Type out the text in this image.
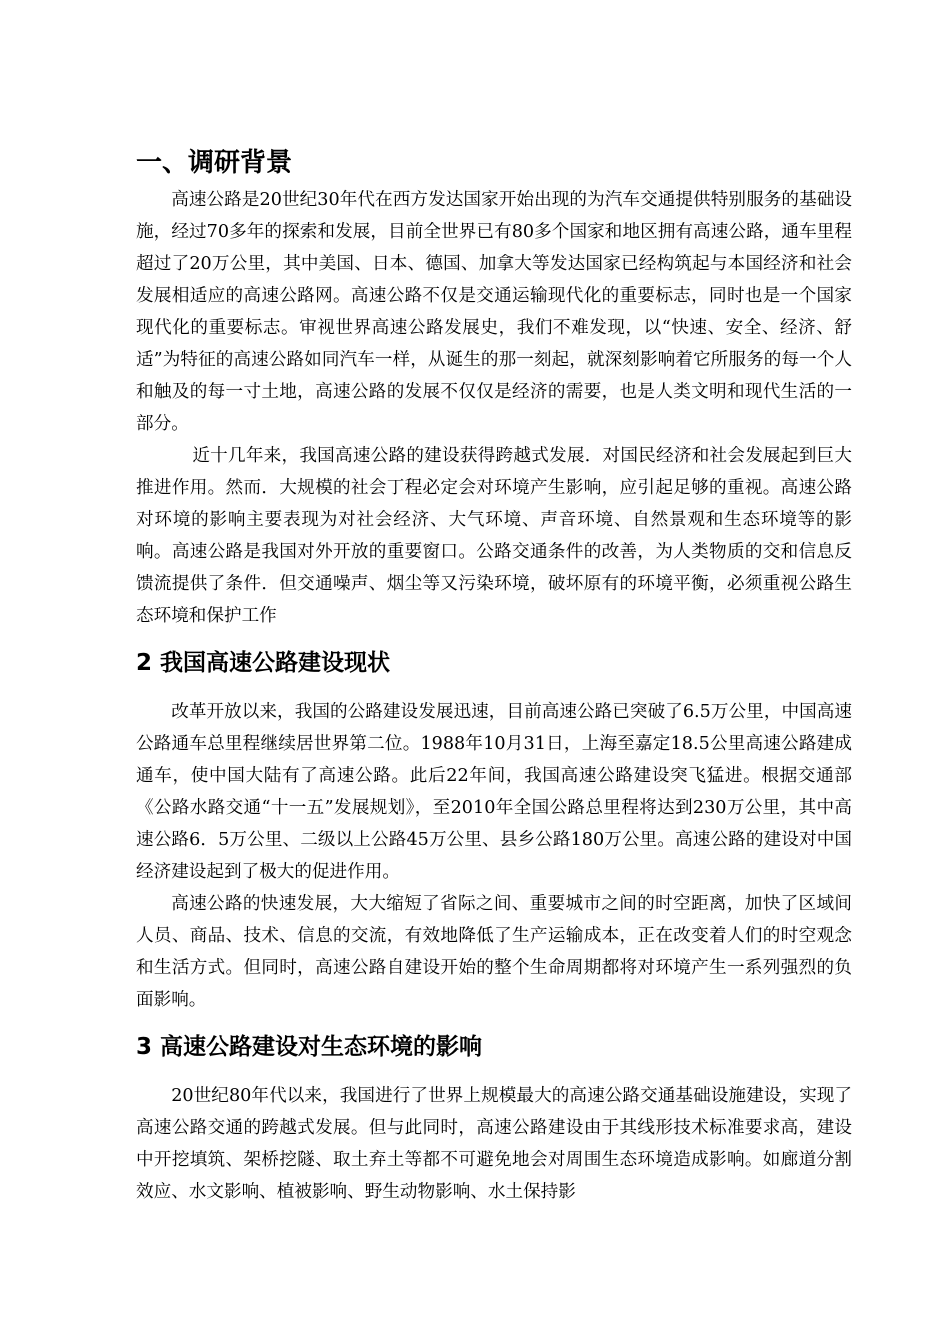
一、调研背景

高速公路是20世纪30年代在西方发达国家开始出现的为汽车交通提供特别服务的基础设施，经过70多年的探索和发展，目前全世界已有80多个国家和地区拥有高速公路，通车里程超过了20万公里，其中美国、日本、德国、加拿大等发达国家已经构筑起与本国经济和社会发展相适应的高速公路网。高速公路不仅是交通运输现代化的重要标志，同时也是一个国家现代化的重要标志。审视世界高速公路发展史，我们不难发现，以“快速、安全、经济、舒适”为特征的高速公路如同汽车一样，从诞生的那一刻起，就深刻影响着它所服务的每一个人和触及的每一寸土地，高速公路的发展不仅仅是经济的需要，也是人类文明和现代生活的一部分。

近十几年来，我国高速公路的建设获得跨越式发展．对国民经济和社会发展起到巨大推进作用。然而．大规模的社会丁程必定会对环境产生影响，应引起足够的重视。高速公路对环境的影响主要表现为对社会经济、大气环境、声音环境、自然景观和生态环境等的影响。高速公路是我国对外开放的重要窗口。公路交通条件的改善，为人类物质的交和信息反馈流提供了条件．但交通噪声、烟尘等又污染环境，破坏原有的环境平衡，必须重视公路生态环境和保护工作

2 我国高速公路建设现状

改革开放以来，我国的公路建设发展迅速，目前高速公路已突破了6.5万公里，中国高速公路通车总里程继续居世界第二位。1988年10月31日，上海至嘉定18.5公里高速公路建成通车，使中国大陆有了高速公路。此后22年间，我国高速公路建设突飞猛进。根据交通部《公路水路交通“十一五”发展规划》，至2010年全国公路总里程将达到230万公里，其中高速公路6．5万公里、二级以上公路45万公里、县乡公路180万公里。高速公路的建设对中国经济建设起到了极大的促进作用。

高速公路的快速发展，大大缩短了省际之间、重要城市之间的时空距离，加快了区域间人员、商品、技术、信息的交流，有效地降低了生产运输成本，正在改变着人们的时空观念和生活方式。但同时，高速公路自建设开始的整个生命周期都将对环境产生一系列强烈的负面影响。

3 高速公路建设对生态环境的影响

20世纪80年代以来，我国进行了世界上规模最大的高速公路交通基础设施建设，实现了高速公路交通的跨越式发展。但与此同时，高速公路建设由于其线形技术标准要求高，建设中开挖填筑、架桥挖隧、取土弃土等都不可避免地会对周围生态环境造成影响。如廊道分割效应、水文影响、植被影响、野生动物影响、水土保持影
